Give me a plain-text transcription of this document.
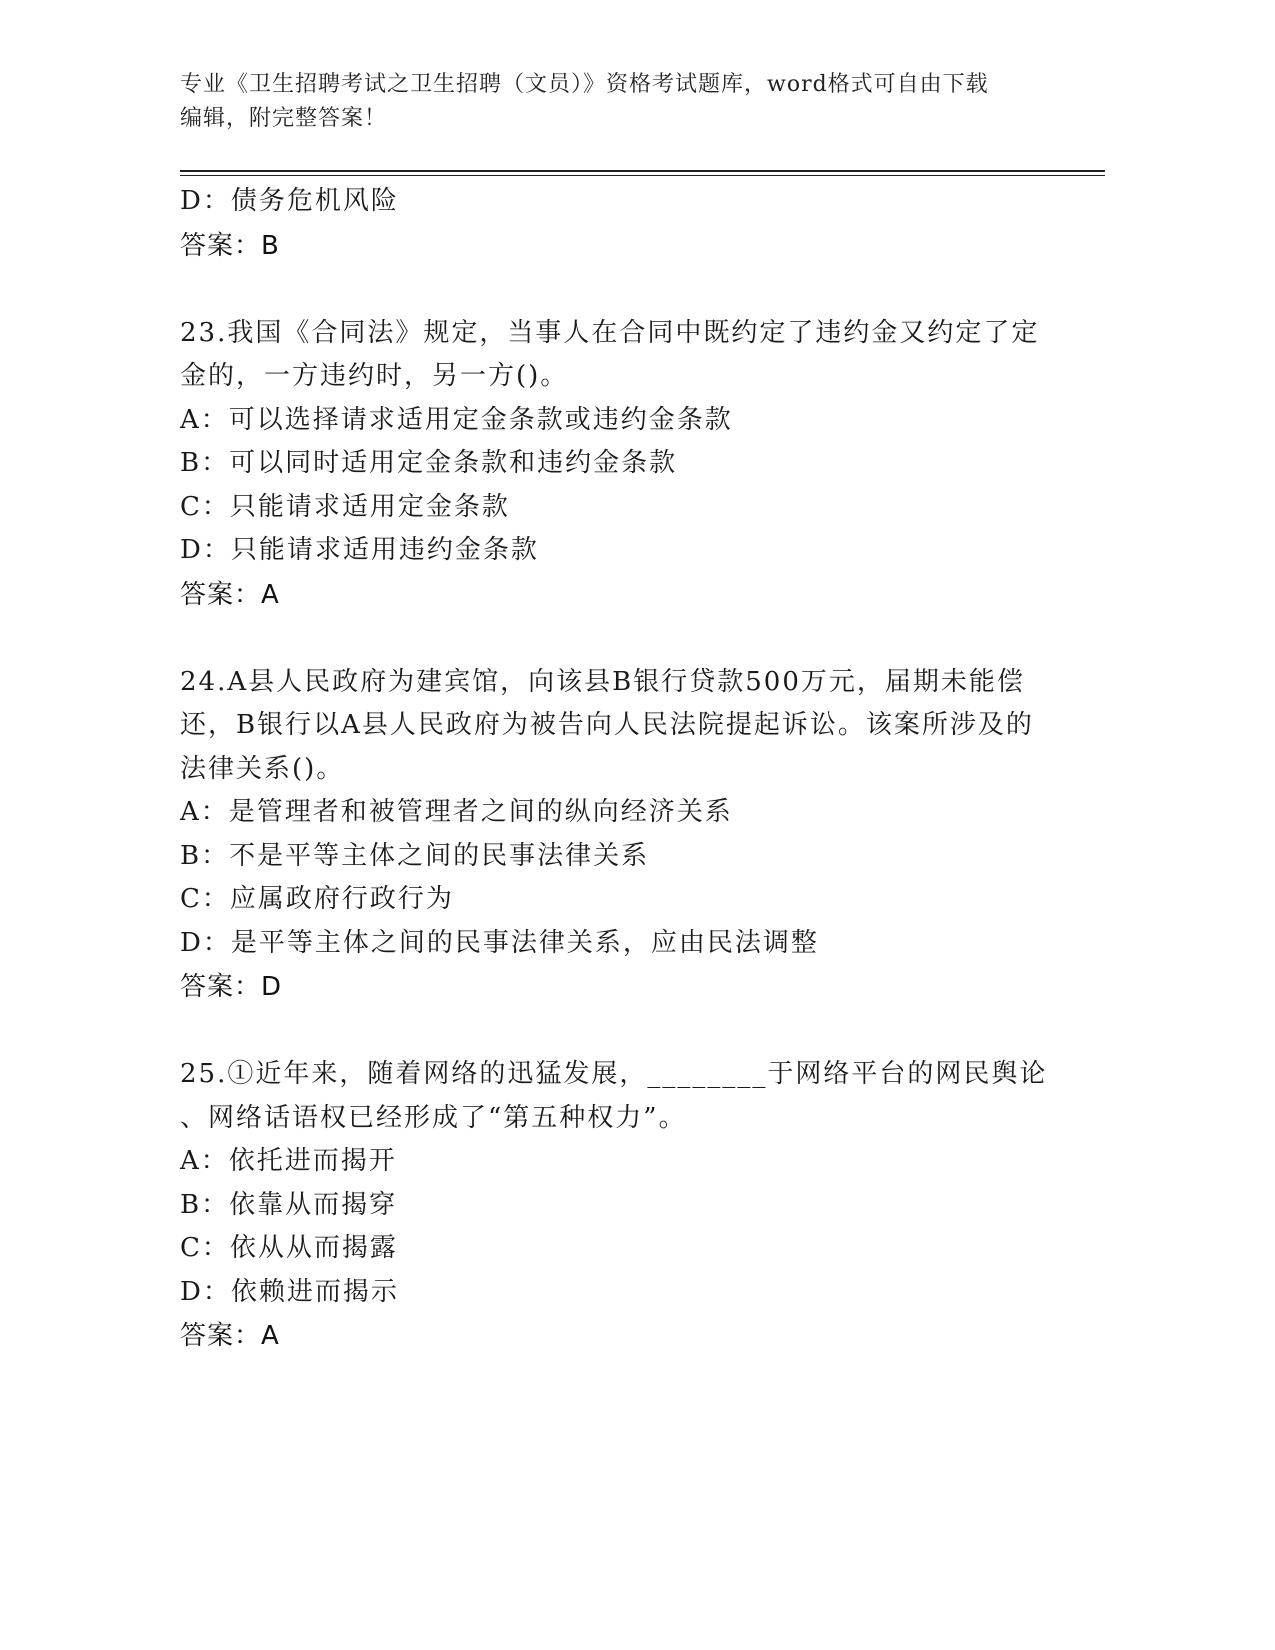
专业《卫生招聘考试之卫生招聘（文员）》资格考试题库，word格式可自由下载
编辑，附完整答案！
D：债务危机风险
答案：B
23.我国《合同法》规定，当事人在合同中既约定了违约金又约定了定
金的，一方违约时，另一方()。
A：可以选择请求适用定金条款或违约金条款
B：可以同时适用定金条款和违约金条款
C：只能请求适用定金条款
D：只能请求适用违约金条款
答案：A
24.A县人民政府为建宾馆，向该县B银行贷款500万元，届期未能偿
还，B银行以A县人民政府为被告向人民法院提起诉讼。该案所涉及的
法律关系()。
A：是管理者和被管理者之间的纵向经济关系
B：不是平等主体之间的民事法律关系
C：应属政府行政行为
D：是平等主体之间的民事法律关系，应由民法调整
答案：D
25.①近年来，随着网络的迅猛发展，________于网络平台的网民舆论
、网络话语权已经形成了“第五种权力”。
A：依托进而揭开
B：依靠从而揭穿
C：依从从而揭露
D：依赖进而揭示
答案：A
